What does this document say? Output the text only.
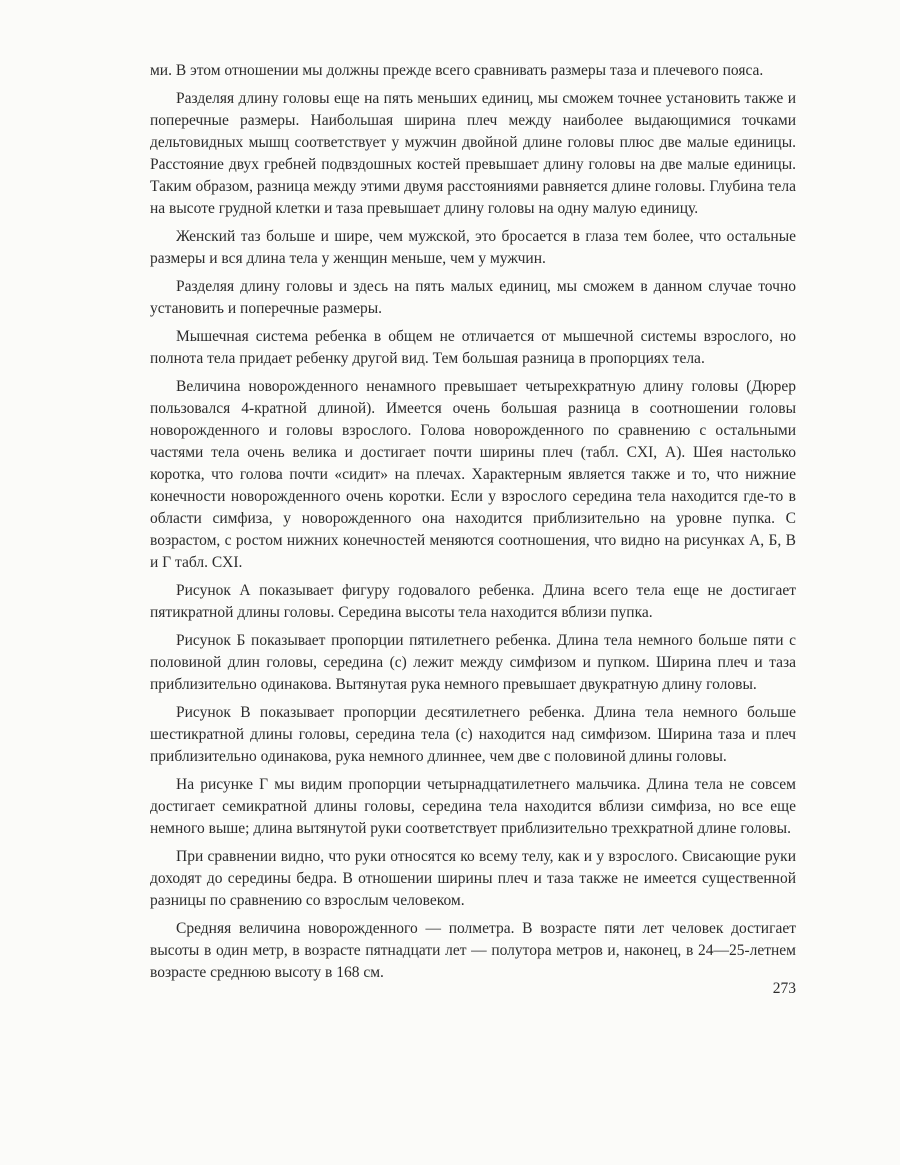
ми. В этом отношении мы должны прежде всего сравнивать размеры таза и плечевого пояса.

Разделяя длину головы еще на пять меньших единиц, мы сможем точнее установить также и поперечные размеры. Наибольшая ширина плеч между наиболее выдающимися точками дельтовидных мышц соответствует у мужчин двойной длине головы плюс две малые единицы. Расстояние двух гребней подвздошных костей превышает длину головы на две малые единицы. Таким образом, разница между этими двумя расстояниями равняется длине головы. Глубина тела на высоте грудной клетки и таза превышает длину головы на одну малую единицу.

Женский таз больше и шире, чем мужской, это бросается в глаза тем более, что остальные размеры и вся длина тела у женщин меньше, чем у мужчин.

Разделяя длину головы и здесь на пять малых единиц, мы сможем в данном случае точно установить и поперечные размеры.

Мышечная система ребенка в общем не отличается от мышечной системы взрослого, но полнота тела придает ребенку другой вид. Тем большая разница в пропорциях тела.

Величина новорожденного ненамного превышает четырехкратную длину головы (Дюрер пользовался 4-кратной длиной). Имеется очень большая разница в соотношении головы новорожденного и головы взрослого. Голова новорожденного по сравнению с остальными частями тела очень велика и достигает почти ширины плеч (табл. CXI, А). Шея настолько коротка, что голова почти «сидит» на плечах. Характерным является также и то, что нижние конечности новорожденного очень коротки. Если у взрослого середина тела находится где-то в области симфиза, у новорожденного она находится приблизительно на уровне пупка. С возрастом, с ростом нижних конечностей меняются соотношения, что видно на рисунках А, Б, В и Г табл. CXI.

Рисунок А показывает фигуру годовалого ребенка. Длина всего тела еще не достигает пятикратной длины головы. Середина высоты тела находится вблизи пупка.

Рисунок Б показывает пропорции пятилетнего ребенка. Длина тела немного больше пяти с половиной длин головы, середина (с) лежит между симфизом и пупком. Ширина плеч и таза приблизительно одинакова. Вытянутая рука немного превышает двукратную длину головы.

Рисунок В показывает пропорции десятилетнего ребенка. Длина тела немного больше шестикратной длины головы, середина тела (с) находится над симфизом. Ширина таза и плеч приблизительно одинакова, рука немного длиннее, чем две с половиной длины головы.

На рисунке Г мы видим пропорции четырнадцатилетнего мальчика. Длина тела не совсем достигает семикратной длины головы, середина тела находится вблизи симфиза, но все еще немного выше; длина вытянутой руки соответствует приблизительно трехкратной длине головы.

При сравнении видно, что руки относятся ко всему телу, как и у взрослого. Свисающие руки доходят до середины бедра. В отношении ширины плеч и таза также не имеется существенной разницы по сравнению со взрослым человеком.

Средняя величина новорожденного — полметра. В возрасте пяти лет человек достигает высоты в один метр, в возрасте пятнадцати лет — полутора метров и, наконец, в 24—25-летнем возрасте среднюю высоту в 168 см.

273
